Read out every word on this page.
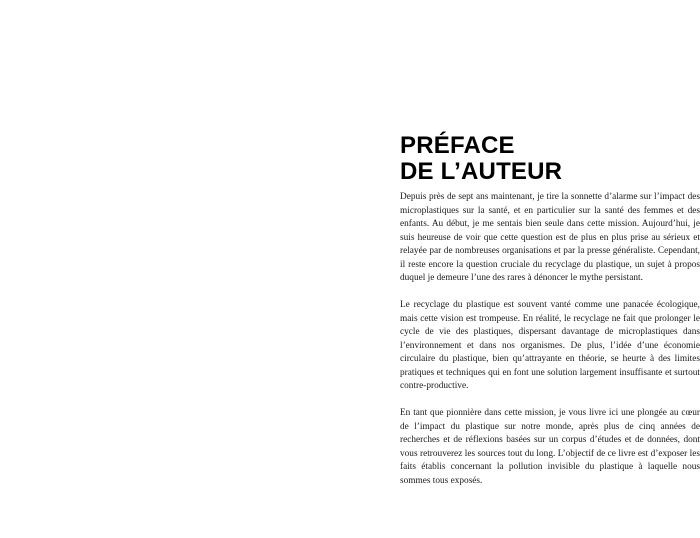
PRÉFACE
DE L’AUTEUR

Depuis près de sept ans maintenant, je tire la sonnette d’alarme sur l’impact des microplastiques sur la santé, et en particulier sur la santé des femmes et des enfants. Au début, je me sentais bien seule dans cette mission. Aujourd’hui, je suis heureuse de voir que cette question est de plus en plus prise au sérieux et relayée par de nombreuses organisations et par la presse généraliste. Cependant, il reste encore la question cruciale du recyclage du plastique, un sujet à propos duquel je demeure l’une des rares à dénoncer le mythe persistant.

Le recyclage du plastique est souvent vanté comme une panacée écologique, mais cette vision est trompeuse. En réalité, le recyclage ne fait que prolonger le cycle de vie des plastiques, dispersant davantage de microplastiques dans l’environnement et dans nos organismes. De plus, l’idée d’une économie circulaire du plastique, bien qu’attrayante en théorie, se heurte à des limites pratiques et techniques qui en font une solution largement insuffisante et surtout contre-productive.

En tant que pionnière dans cette mission, je vous livre ici une plongée au cœur de l’impact du plastique sur notre monde, après plus de cinq années de recherches et de réflexions basées sur un corpus d’études et de données, dont vous retrouverez les sources tout du long. L’objectif de ce livre est d’exposer les faits établis concernant la pollution invisible du plastique à laquelle nous sommes tous exposés.
